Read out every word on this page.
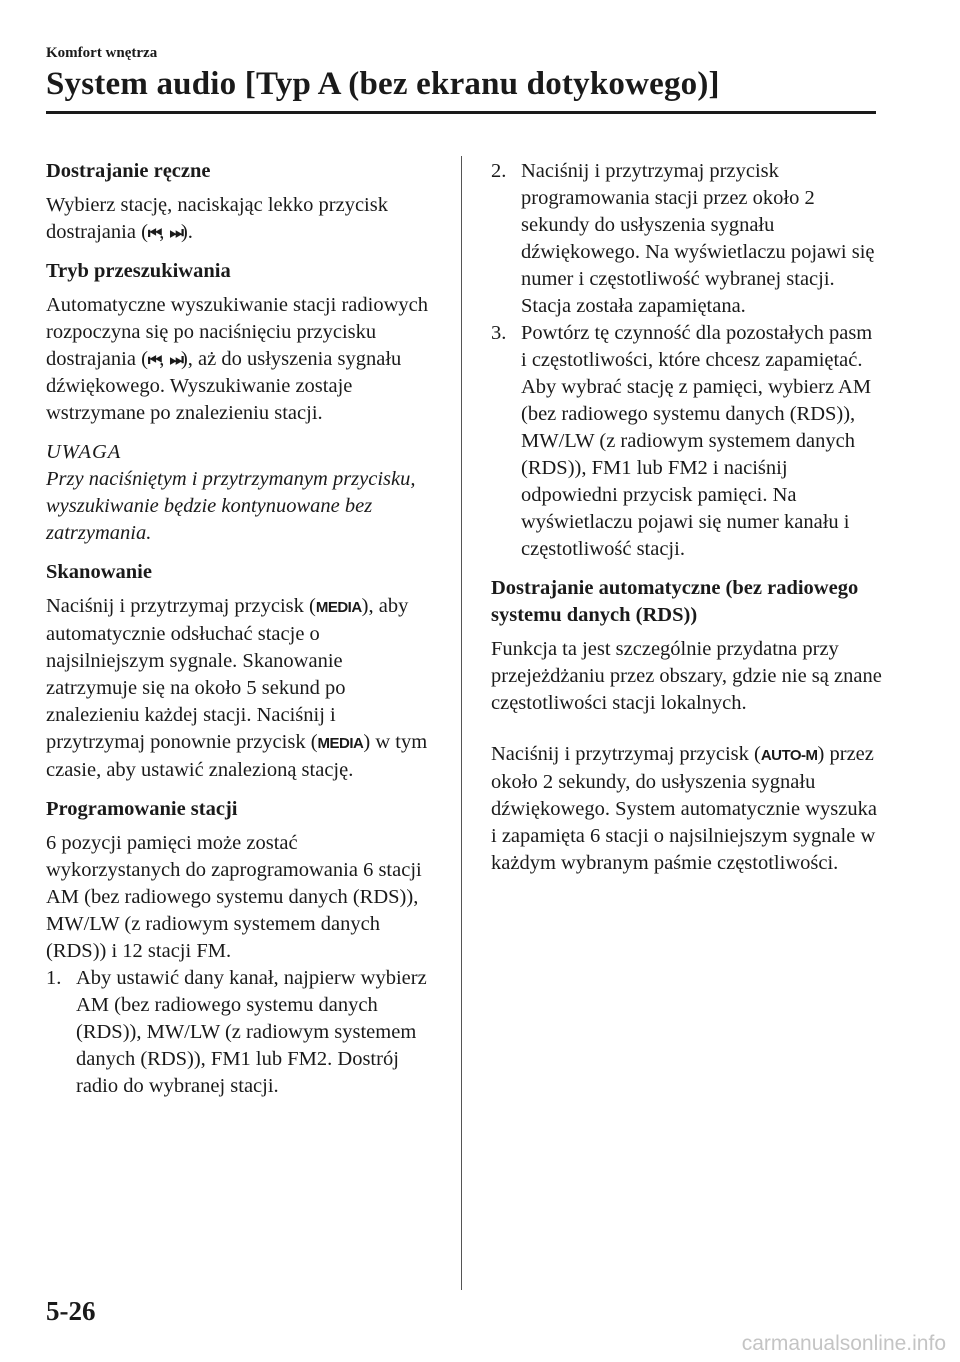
Komfort wnętrza
System audio [Typ A (bez ekranu dotykowego)]
Dostrajanie ręczne

Wybierz stację, naciskając lekko przycisk dostrajania (⏮, ⏭).

Tryb przeszukiwania

Automatyczne wyszukiwanie stacji radiowych rozpoczyna się po naciśnięciu przycisku dostrajania (⏮, ⏭), aż do usłyszenia sygnału dźwiękowego. Wyszukiwanie zostaje wstrzymane po znalezieniu stacji.

UWAGA

Przy naciśniętym i przytrzymanym przycisku, wyszukiwanie będzie kontynuowane bez zatrzymania.

Skanowanie

Naciśnij i przytrzymaj przycisk (MEDIA), aby automatycznie odsłuchać stacje o najsilniejszym sygnale. Skanowanie zatrzymuje się na około 5 sekund po znalezieniu każdej stacji. Naciśnij i przytrzymaj ponownie przycisk (MEDIA) w tym czasie, aby ustawić znalezioną stację.

Programowanie stacji

6 pozycji pamięci może zostać wykorzystanych do zaprogramowania 6 stacji AM (bez radiowego systemu danych (RDS)), MW/LW (z radiowym systemem danych (RDS)) i 12 stacji FM.

1. Aby ustawić dany kanał, najpierw wybierz AM (bez radiowego systemu danych (RDS)), MW/LW (z radiowym systemem danych (RDS)), FM1 lub FM2. Dostrój radio do wybranej stacji.
2. Naciśnij i przytrzymaj przycisk programowania stacji przez około 2 sekundy do usłyszenia sygnału dźwiękowego. Na wyświetlaczu pojawi się numer i częstotliwość wybranej stacji. Stacja została zapamiętana.
3. Powtórz tę czynność dla pozostałych pasm i częstotliwości, które chcesz zapamiętać. Aby wybrać stację z pamięci, wybierz AM (bez radiowego systemu danych (RDS)), MW/LW (z radiowym systemem danych (RDS)), FM1 lub FM2 i naciśnij odpowiedni przycisk pamięci. Na wyświetlaczu pojawi się numer kanału i częstotliwość stacji.
Dostrajanie automatyczne (bez radiowego systemu danych (RDS))

Funkcja ta jest szczególnie przydatna przy przejeżdżaniu przez obszary, gdzie nie są znane częstotliwości stacji lokalnych.

Naciśnij i przytrzymaj przycisk (AUTO-M) przez około 2 sekundy, do usłyszenia sygnału dźwiękowego. System automatycznie wyszuka i zapamięta 6 stacji o najsilniejszym sygnale w każdym wybranym paśmie częstotliwości.

5-26
carmanualsonline.info
